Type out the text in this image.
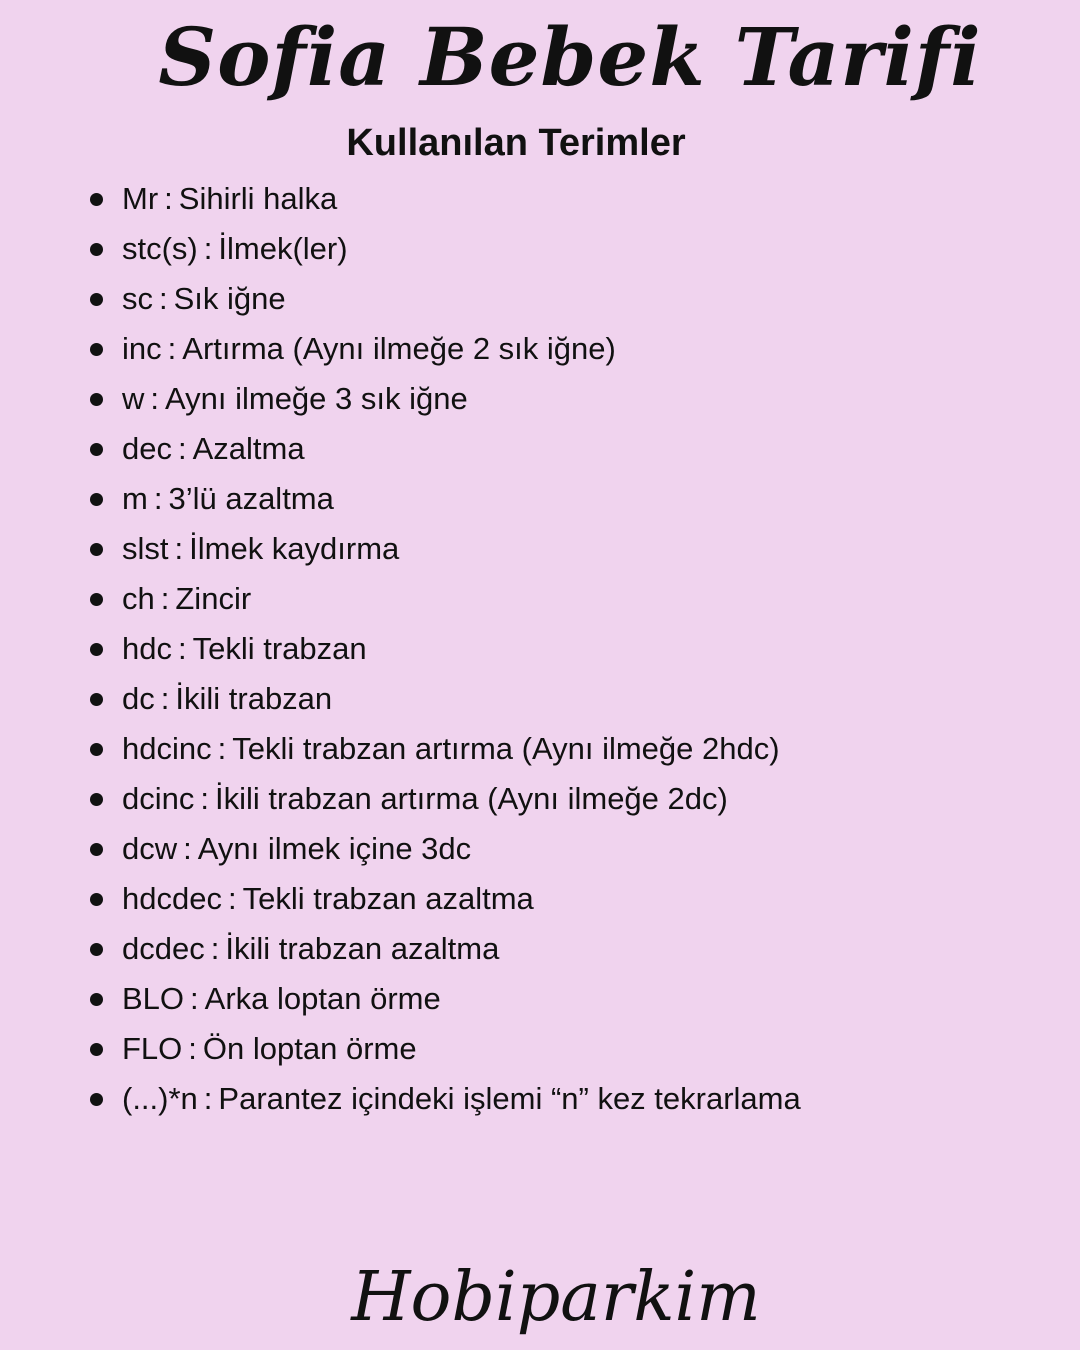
Sofia Bebek Tarifi
Kullanılan Terimler
Mr : Sihirli halka
stc(s) : İlmek(ler)
sc : Sık iğne
inc : Artırma (Aynı ilmeğe 2 sık iğne)
w : Aynı ilmeğe 3 sık iğne
dec : Azaltma
m : 3’lü azaltma
slst : İlmek kaydırma
ch : Zincir
hdc : Tekli trabzan
dc : İkili trabzan
hdcinc : Tekli trabzan artırma (Aynı ilmeğe 2hdc)
dcinc : İkili trabzan artırma (Aynı ilmeğe 2dc)
dcw : Aynı ilmek içine 3dc
hdcdec : Tekli trabzan azaltma
dcdec : İkili trabzan azaltma
BLO : Arka loptan örme
FLO : Ön loptan örme
(...)*n : Parantez içindeki işlemi “n” kez tekrarlama
Hobiparkim
